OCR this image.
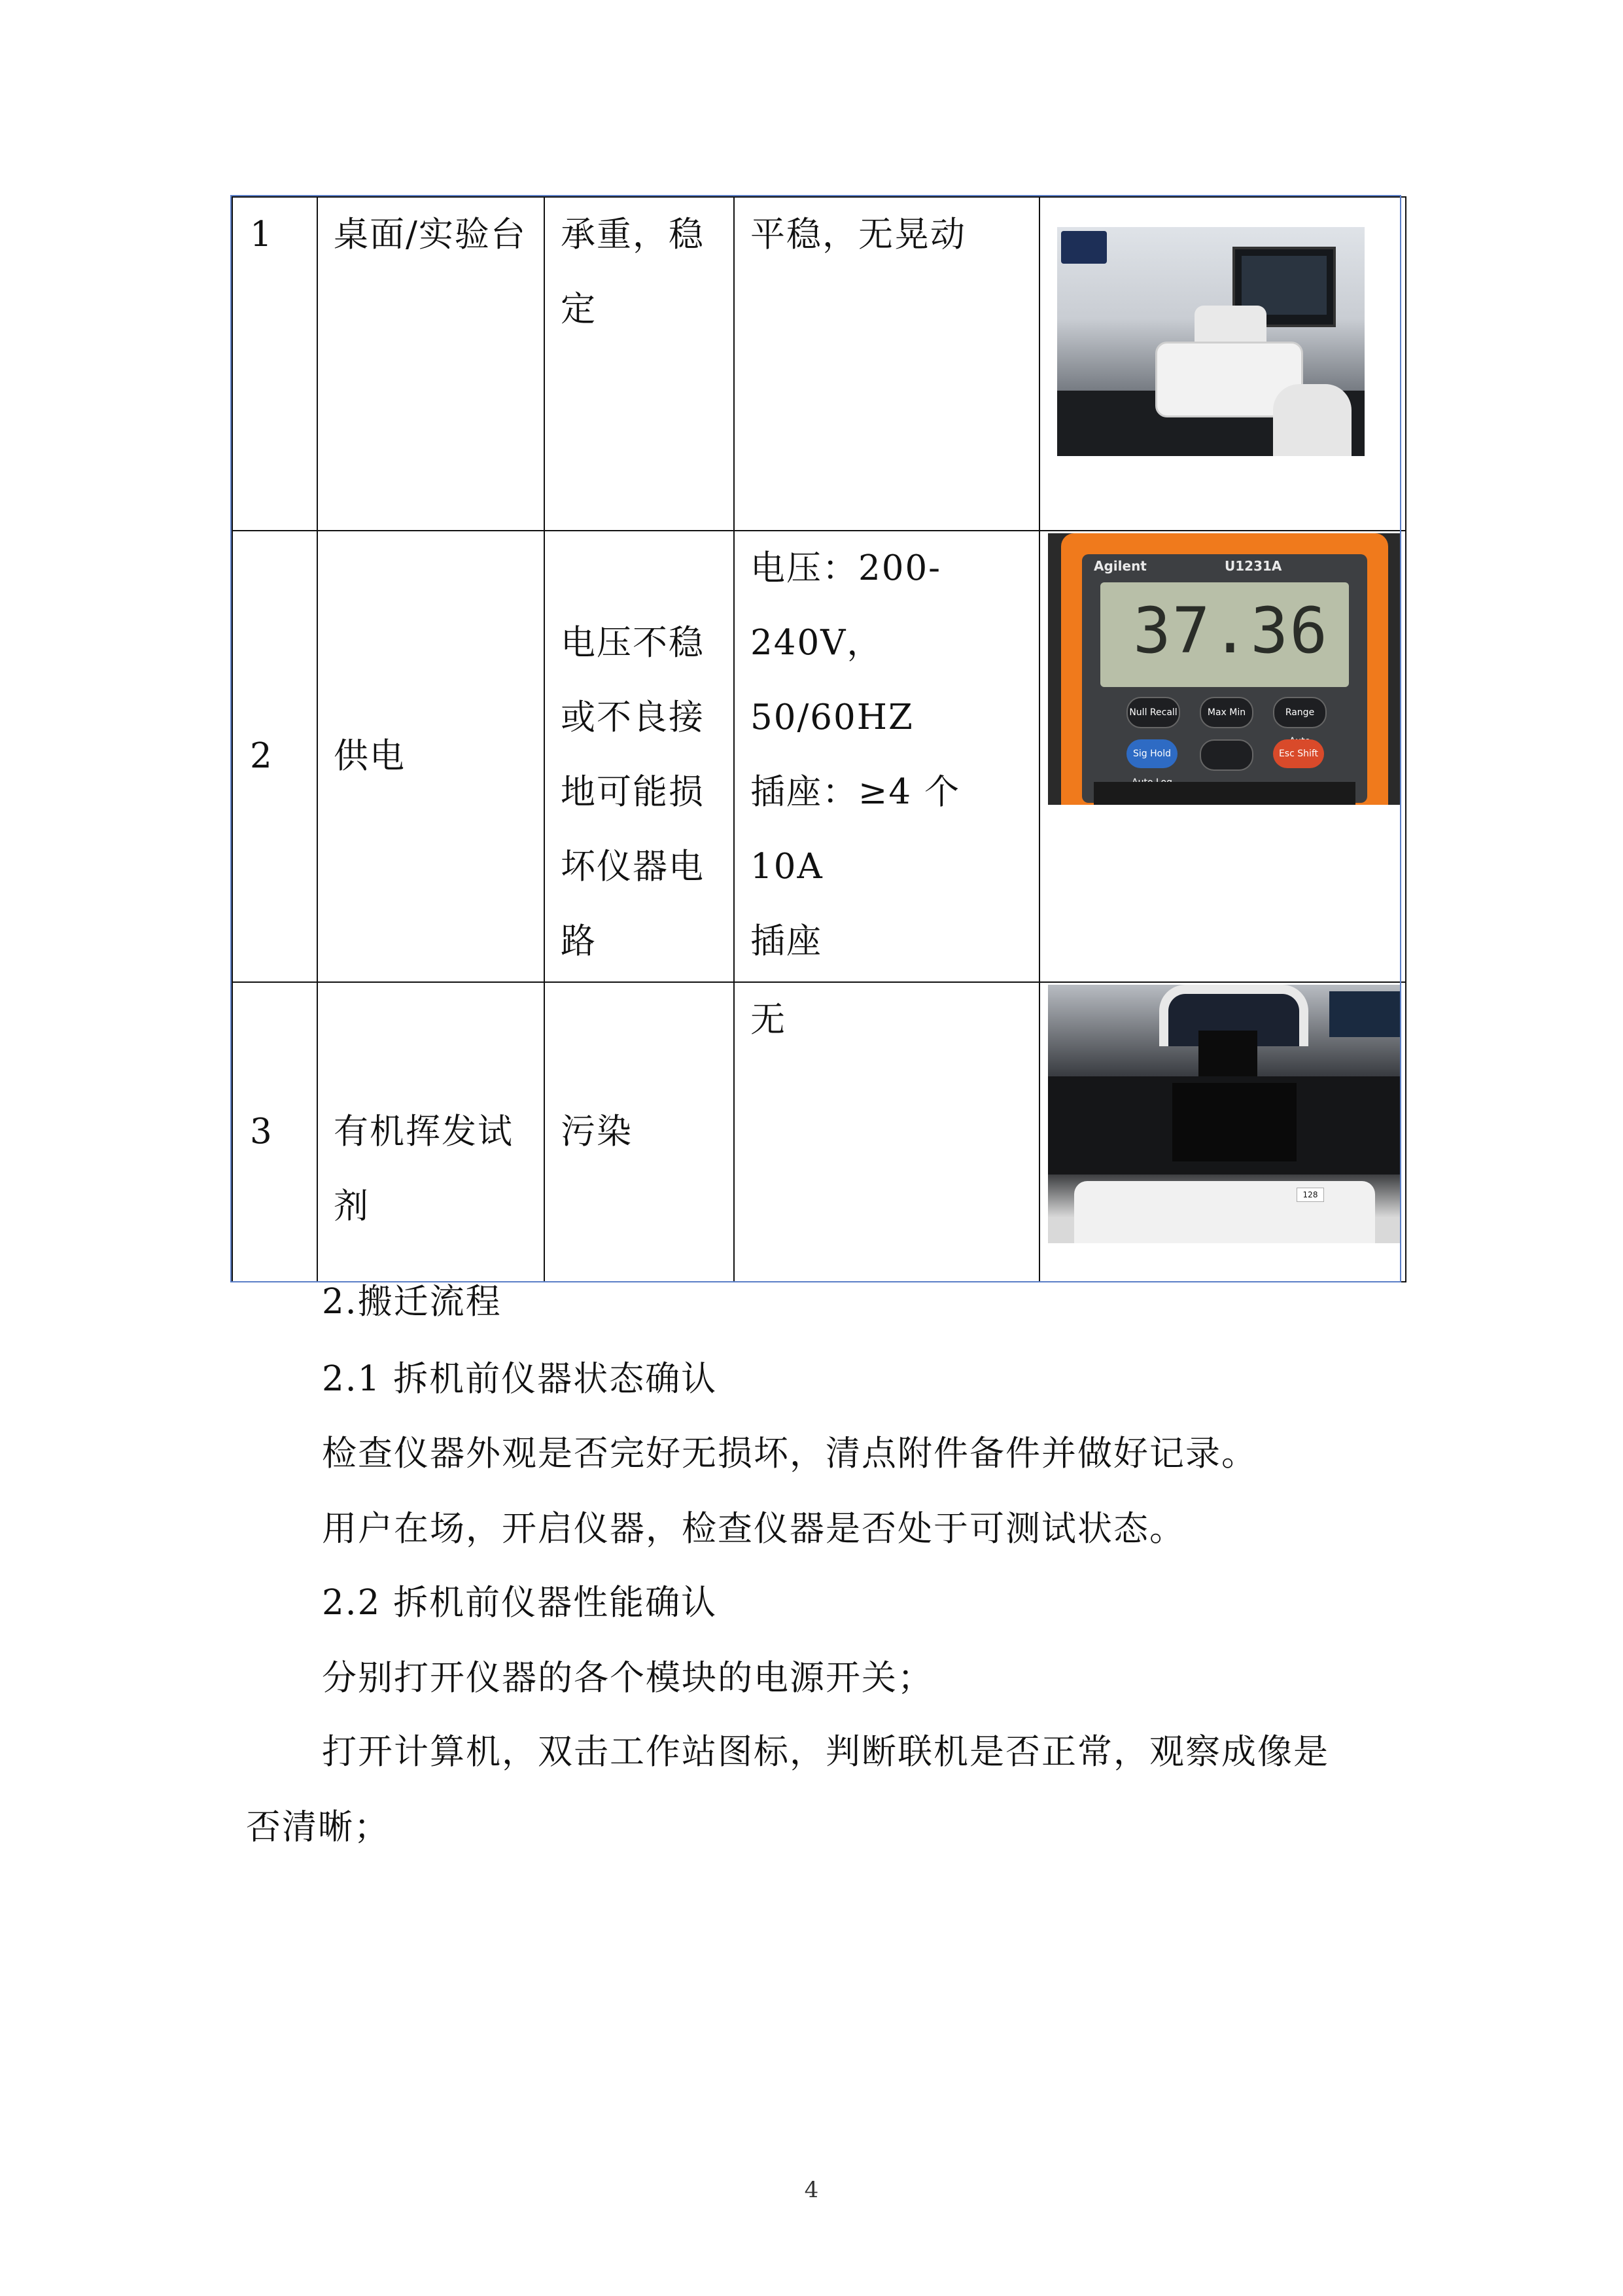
1	桌面/实验台	承重，稳定	平稳，无晃动	

2	供电	电压不稳或不良接地可能损坏仪器电路	电压：200-240V，
50/60HZ
插座：≥4 个 10A
插座	

3	有机挥发试剂	污染	无	

Agilent	U1231A
37.36
Null Recall	Max Min	Range
Sig Hold	Esc Shift
128
2.搬迁流程
2.1 拆机前仪器状态确认
检查仪器外观是否完好无损坏，清点附件备件并做好记录。
用户在场，开启仪器，检查仪器是否处于可测试状态。
2.2 拆机前仪器性能确认
分别打开仪器的各个模块的电源开关；
打开计算机，双击工作站图标，判断联机是否正常，观察成像是
否清晰；
4
